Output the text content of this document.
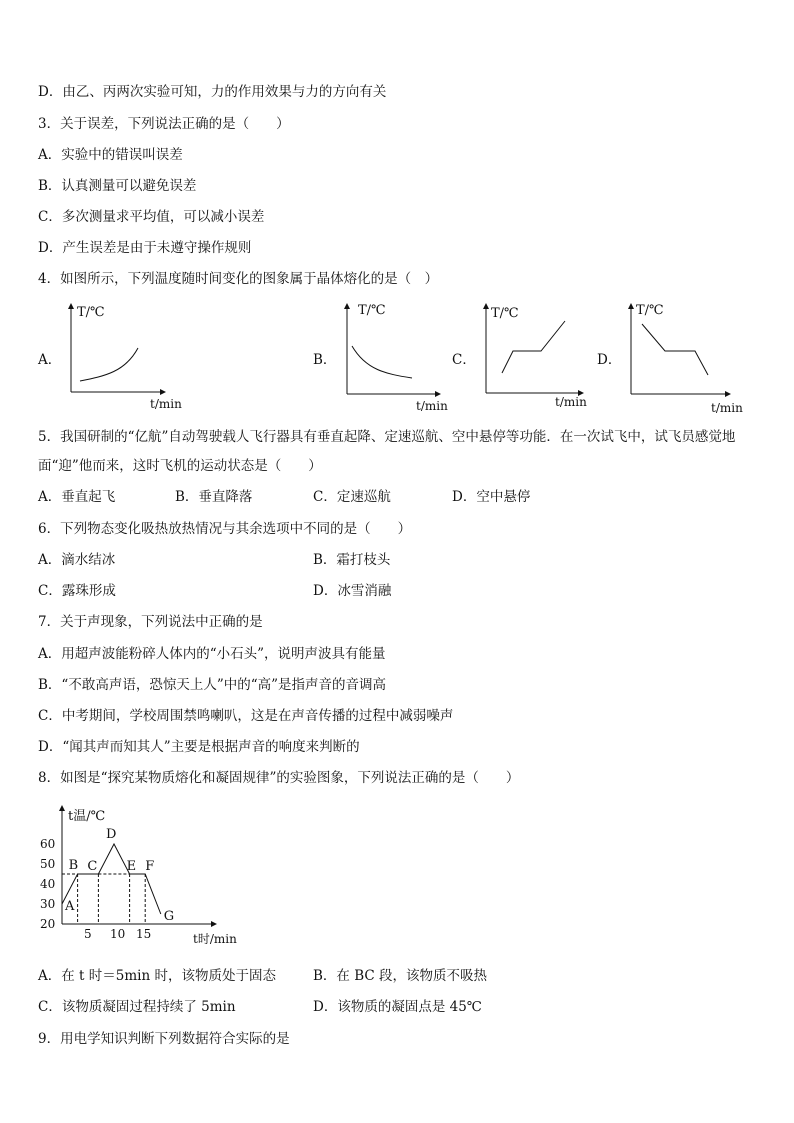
D．由乙、丙两次实验可知，力的作用效果与力的方向有关
3．关于误差，下列说法正确的是（　　）
A．实验中的错误叫误差
B．认真测量可以避免误差
C．多次测量求平均值，可以减小误差
D．产生误差是由于未遵守操作规则
4．如图所示，下列温度随时间变化的图象属于晶体熔化的是（　）
A．
T/℃
t/min
B．
T/℃
t/min
C．
T/℃
t/min
D．
T/℃
t/min
5．我国研制的“亿航”自动驾驶载人飞行器具有垂直起降、定速巡航、空中悬停等功能．在一次试飞中，试飞员感觉地
面“迎”他而来，这时飞机的运动状态是（　　）
A．垂直起飞	B．垂直降落	C．定速巡航	D．空中悬停
6．下列物态变化吸热放热情况与其余选项中不同的是（　　）
A．滴水结冰	B．霜打枝头
C．露珠形成	D．冰雪消融
7．关于声现象，下列说法中正确的是
A．用超声波能粉碎人体内的“小石头”，说明声波具有能量
B．“不敢高声语，恐惊天上人”中的“高”是指声音的音调高
C．中考期间，学校周围禁鸣喇叭，这是在声音传播的过程中减弱噪声
D．“闻其声而知其人”主要是根据声音的响度来判断的
8．如图是“探究某物质熔化和凝固规律”的实验图象，下列说法正确的是（　　）
t温/℃
t时/min
20
30
40
50
60
5 10 15
A
B C
D
E F
G
A．在 t 时＝5min 时，该物质处于固态	B．在 BC 段，该物质不吸热
C．该物质凝固过程持续了 5min	D．该物质的凝固点是 45℃
9．用电学知识判断下列数据符合实际的是
